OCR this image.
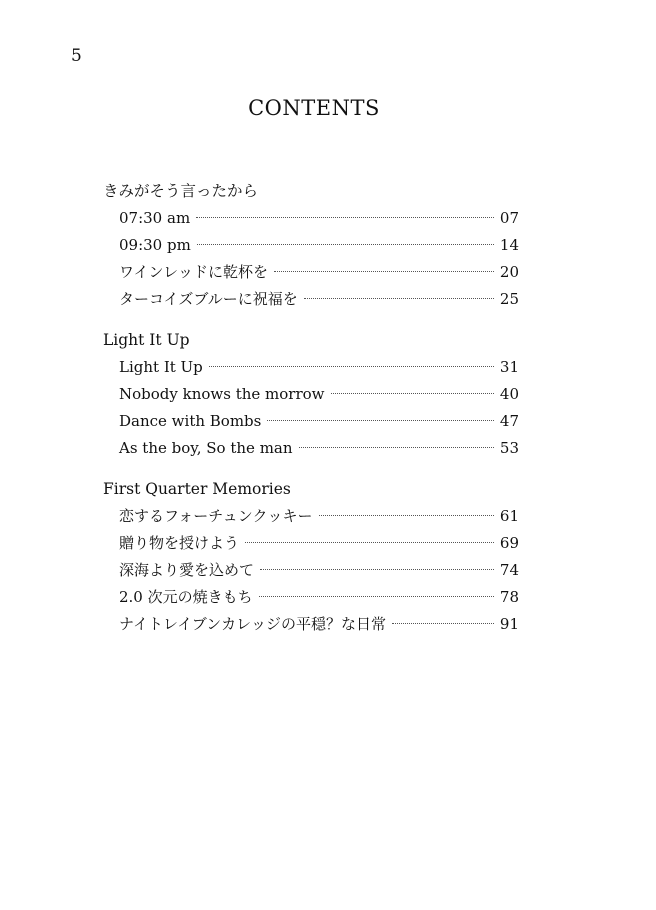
5
CONTENTS
きみがそう言ったから
07:30 am	07
09:30 pm	14
ワインレッドに乾杯を	20
ターコイズブルーに祝福を	25
Light It Up
Light It Up	31
Nobody knows the morrow	40
Dance with Bombs	47
As the boy, So the man	53
First Quarter Memories
恋するフォーチュンクッキー	61
贈り物を授けよう	69
深海より愛を込めて	74
2.0 次元の焼きもち	78
ナイトレイブンカレッジの平穏？な日常	91
